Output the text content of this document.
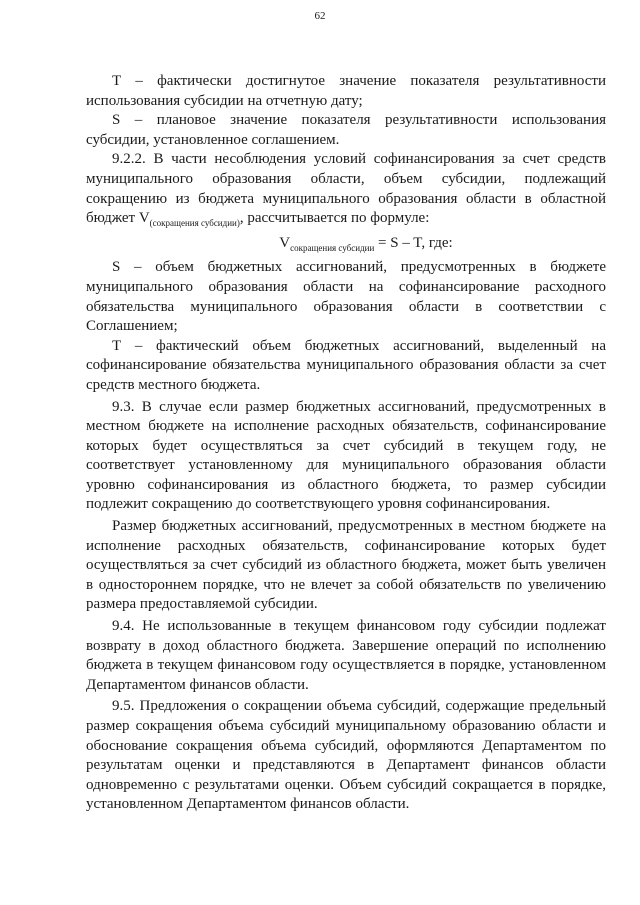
62

Т – фактически достигнутое значение показателя результативности использования субсидии на отчетную дату;

S – плановое значение показателя результативности использования субсидии, установленное соглашением.

9.2.2. В части несоблюдения условий софинансирования за счет средств муниципального образования области, объем субсидии, подлежащий сокращению из бюджета муниципального образования области в областной бюджет $V_{(сокращения субсидии)}$, рассчитывается по формуле:

$V_{сокращения субсидии} = S - T$, где:

S – объем бюджетных ассигнований, предусмотренных в бюджете муниципального образования области на софинансирование расходного обязательства муниципального образования области в соответствии с Соглашением;

Т – фактический объем бюджетных ассигнований, выделенный на софинансирование обязательства муниципального образования области за счет средств местного бюджета.

9.3. В случае если размер бюджетных ассигнований, предусмотренных в местном бюджете на исполнение расходных обязательств, софинансирование которых будет осуществляться за счет субсидий в текущем году, не соответствует установленному для муниципального образования области уровню софинансирования из областного бюджета, то размер субсидии подлежит сокращению до соответствующего уровня софинансирования.

Размер бюджетных ассигнований, предусмотренных в местном бюджете на исполнение расходных обязательств, софинансирование которых будет осуществляться за счет субсидий из областного бюджета, может быть увеличен в одностороннем порядке, что не влечет за собой обязательств по увеличению размера предоставляемой субсидии.

9.4. Не использованные в текущем финансовом году субсидии подлежат возврату в доход областного бюджета. Завершение операций по исполнению бюджета в текущем финансовом году осуществляется в порядке, установленном Департаментом финансов области.

9.5. Предложения о сокращении объема субсидий, содержащие предельный размер сокращения объема субсидий муниципальному образованию области и обоснование сокращения объема субсидий, оформляются Департаментом по результатам оценки и представляются в Департамент финансов области одновременно с результатами оценки. Объем субсидий сокращается в порядке, установленном Департаментом финансов области.
